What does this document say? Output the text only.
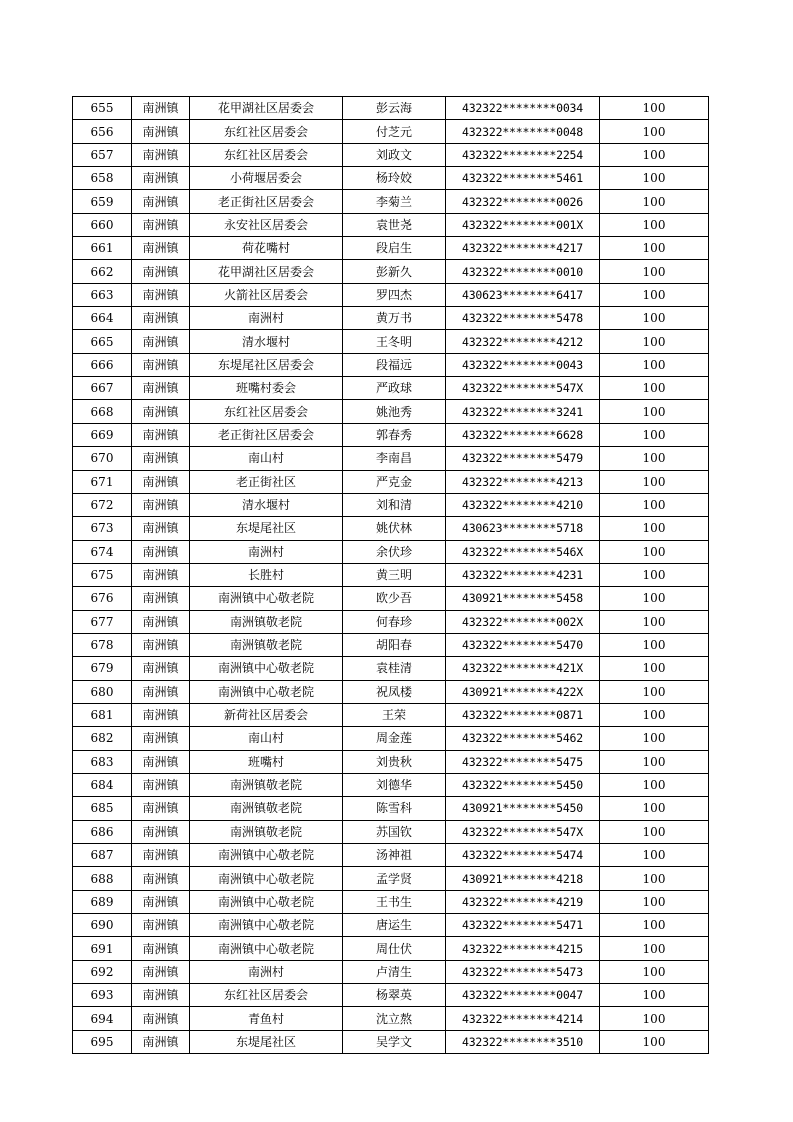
655	南洲镇	花甲湖社区居委会	彭云海	432322********0034	100
656	南洲镇	东红社区居委会	付芝元	432322********0048	100
657	南洲镇	东红社区居委会	刘政文	432322********2254	100
658	南洲镇	小荷堰居委会	杨玲姣	432322********5461	100
659	南洲镇	老正街社区居委会	李菊兰	432322********0026	100
660	南洲镇	永安社区居委会	袁世尧	432322********001X	100
661	南洲镇	荷花嘴村	段启生	432322********4217	100
662	南洲镇	花甲湖社区居委会	彭新久	432322********0010	100
663	南洲镇	火箭社区居委会	罗四杰	430623********6417	100
664	南洲镇	南洲村	黄万书	432322********5478	100
665	南洲镇	清水堰村	王冬明	432322********4212	100
666	南洲镇	东堤尾社区居委会	段福远	432322********0043	100
667	南洲镇	班嘴村委会	严政球	432322********547X	100
668	南洲镇	东红社区居委会	姚池秀	432322********3241	100
669	南洲镇	老正街社区居委会	郭春秀	432322********6628	100
670	南洲镇	南山村	李南昌	432322********5479	100
671	南洲镇	老正街社区	严克金	432322********4213	100
672	南洲镇	清水堰村	刘和清	432322********4210	100
673	南洲镇	东堤尾社区	姚伏林	430623********5718	100
674	南洲镇	南洲村	余伏珍	432322********546X	100
675	南洲镇	长胜村	黄三明	432322********4231	100
676	南洲镇	南洲镇中心敬老院	欧少吾	430921********5458	100
677	南洲镇	南洲镇敬老院	何春珍	432322********002X	100
678	南洲镇	南洲镇敬老院	胡阳春	432322********5470	100
679	南洲镇	南洲镇中心敬老院	袁桂清	432322********421X	100
680	南洲镇	南洲镇中心敬老院	祝凤楼	430921********422X	100
681	南洲镇	新荷社区居委会	王荣	432322********0871	100
682	南洲镇	南山村	周金莲	432322********5462	100
683	南洲镇	班嘴村	刘贵秋	432322********5475	100
684	南洲镇	南洲镇敬老院	刘德华	432322********5450	100
685	南洲镇	南洲镇敬老院	陈雪科	430921********5450	100
686	南洲镇	南洲镇敬老院	苏国钦	432322********547X	100
687	南洲镇	南洲镇中心敬老院	汤神祖	432322********5474	100
688	南洲镇	南洲镇中心敬老院	孟学贤	430921********4218	100
689	南洲镇	南洲镇中心敬老院	王书生	432322********4219	100
690	南洲镇	南洲镇中心敬老院	唐运生	432322********5471	100
691	南洲镇	南洲镇中心敬老院	周仕伏	432322********4215	100
692	南洲镇	南洲村	卢清生	432322********5473	100
693	南洲镇	东红社区居委会	杨翠英	432322********0047	100
694	南洲镇	青鱼村	沈立熬	432322********4214	100
695	南洲镇	东堤尾社区	吴学文	432322********3510	100
